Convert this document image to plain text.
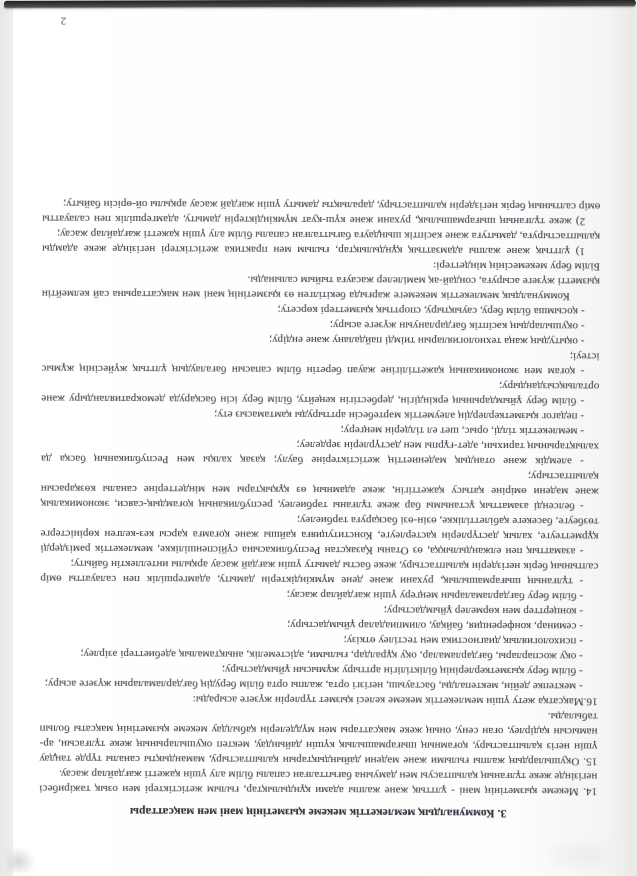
3. Коммуналдық мемлекеттік мекеме қызметінің мәні мен мақсаттары

14. Мекеме қызметінің мәні - ұлттық және жалпы адами құндылықтар, ғылым жетістіктері мен озық тәжірибесі негізінде жеке тұлғаның қалыптасуы мен дамуына бағытталған сапалы білім алу үшін қажетті жағдайлар жасау.

15. Оқушылардың жалпы ғылыми және мәдени дайындықтарын қалыптастыру, мамандықты саналы түрде таңдау үшін негіз қалыптастыру, қоғамның шығармашылық күшін дайындау, мектеп оқушыларының жеке тұлғасын, ар-намысын қадірлеу, оған сену, оның жеке мақсаттары мен мүдделерін қабылдау мекеме қызметінің мақсаты болып табылады.

16.Мақсатқа жету үшін мемлекеттік мекеме келесі қызмет түрлерін жүзеге асырады:

- мектепке дейін, мектепалды, бастауыш, негізгі орта, жалпы орта білім берудің бағдарламаларын жүзеге асыру;

- білім беру қызметкерлерінің біліктілігін арттыру жұмысын ұйымдастыру;

- оқу жоспарлары, бағдарламалар, оқу құралдар, ғылыми, әдістемелік, анықтамалық әдебиеттері әзірлеу;

- психологиялық диагностика мен тестілеу өткізу;

- семинар, конференция, байқау, олимпиадалар ұйымдастыру;

- концерттер мен көрмелер ұйымдастыру;

- білім беру бағдарламаларын меңгеру үшін жағдайлар жасау;

- тұлғаның шығармашылық, рухани және дене мүмкіндіктерін дамыту, адамгершілік пен салауатты өмір салтының берік негіздерін қалыптастыру, жеке басты дамыту үшін жағдай жасау арқылы интеллектін байыту;

- азаматтық пен елжандылыққа, өз Отаны Қазақстан Республикасына сүйіспеншілікке, мемлекеттік рәміздерді құрметтеуге, халық дәстүрлерін қастерлеуге, Конституцияға қайшы және қоғамға қарсы кез-келген көріністерге төзбеуге, бәсекеге қабілеттілікке, өзін-өзі басқаруға тәрбиелеу;

- белсенді азаматтық ұстанымы бар жеке тұлғаны тәрбиелеу, республиканың қоғамдық-саяси, экономикалық және мәдени өміріне қатысу қажеттігін, жеке адамның өз құқықтары мен міндеттеріне саналы көзқарасын қалыптастыру;

- әлемдік және отандық мәдениеттің жетістіктеріне баулу; қазақ халқы мен Республиканың басқа да халықтарының тарихын, әдет-ғұрпы мен дәстүрлерін зерделеу;

- мемлекеттік тілді, орыс, шет ел тілдерін меңгеру;

- педагог қызметкерлердің әлеуметтік мәртебесін арттыруды қамтамасыз ету;

- білім беру ұйымдарының еркіндігін, дербестігін кеңейту, білім беру ісін басқаруда демократияландыру және орталықсыздандыру;

- қоғам мен экономиканың қажеттілігіне жауап беретін білім сапасын бағалаудың ұлттық жүйесінің жұмыс істеуі;

- оқытудың жаңа технологияларын тиімді пайдалану және ендіру;

- оқушылардың кәсіптік бағдарлануын жүзеге асыру;

- қосымша білім беру, сауықтыру, спорттық қызметтері көрсету;

Коммуналдық мемлекеттік мекемеге жарғыда бекітілген өз қызметінің мәні мен мақсаттарына сай келмейтін қызметті жүзеге асыруға, сондай-ақ мәмілелер жасауға тыйым салынады.

Білім беру мекемесінің міндеттері:

1) ұлттық және жалпы адамзаттық құндылықтар, ғылым мен практика жетістіктері негізінде жеке адамды қалыптастыруға, дамытуға және кәсіптік шыңдауға бағытталған сапалы білім алу үшін қажетті жағдайлар жасау;

2) жеке тұлғаның шығармашылық, рухани және күш-қуат мүмкіндіктерін дамыту, адамгершілік пен салауатты өмір салтының берік негіздерін қалыптастыру, даралықты дамыту үшін жағдай жасау арқылы ой-өрісін байыту;

2
